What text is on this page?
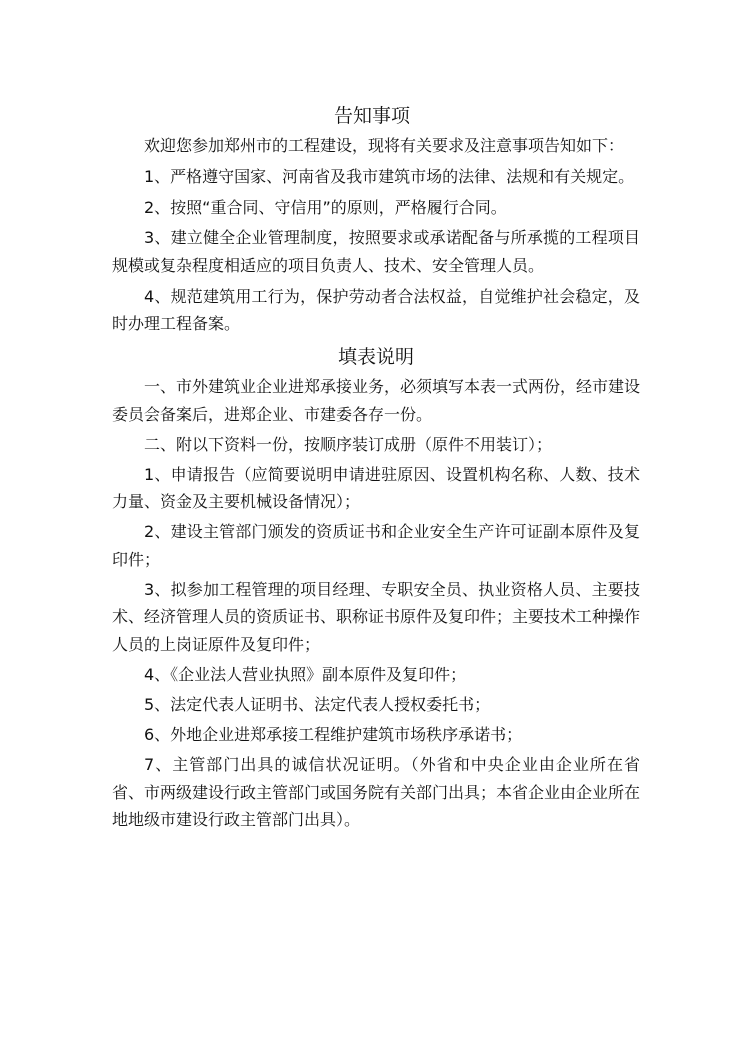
告知事项

欢迎您参加郑州市的工程建设，现将有关要求及注意事项告知如下：

1、严格遵守国家、河南省及我市建筑市场的法律、法规和有关规定。

2、按照“重合同、守信用”的原则，严格履行合同。

3、建立健全企业管理制度，按照要求或承诺配备与所承揽的工程项目规模或复杂程度相适应的项目负责人、技术、安全管理人员。

4、规范建筑用工行为，保护劳动者合法权益，自觉维护社会稳定，及时办理工程备案。

填表说明

一、市外建筑业企业进郑承接业务，必须填写本表一式两份，经市建设委员会备案后，进郑企业、市建委各存一份。

二、附以下资料一份，按顺序装订成册（原件不用装订）；

1、申请报告（应简要说明申请进驻原因、设置机构名称、人数、技术力量、资金及主要机械设备情况）；

2、建设主管部门颁发的资质证书和企业安全生产许可证副本原件及复印件；

3、拟参加工程管理的项目经理、专职安全员、执业资格人员、主要技术、经济管理人员的资质证书、职称证书原件及复印件；主要技术工种操作人员的上岗证原件及复印件；

4、《企业法人营业执照》副本原件及复印件；

5、法定代表人证明书、法定代表人授权委托书；

6、外地企业进郑承接工程维护建筑市场秩序承诺书；

7、主管部门出具的诚信状况证明。（外省和中央企业由企业所在省省、市两级建设行政主管部门或国务院有关部门出具；本省企业由企业所在地地级市建设行政主管部门出具）。
